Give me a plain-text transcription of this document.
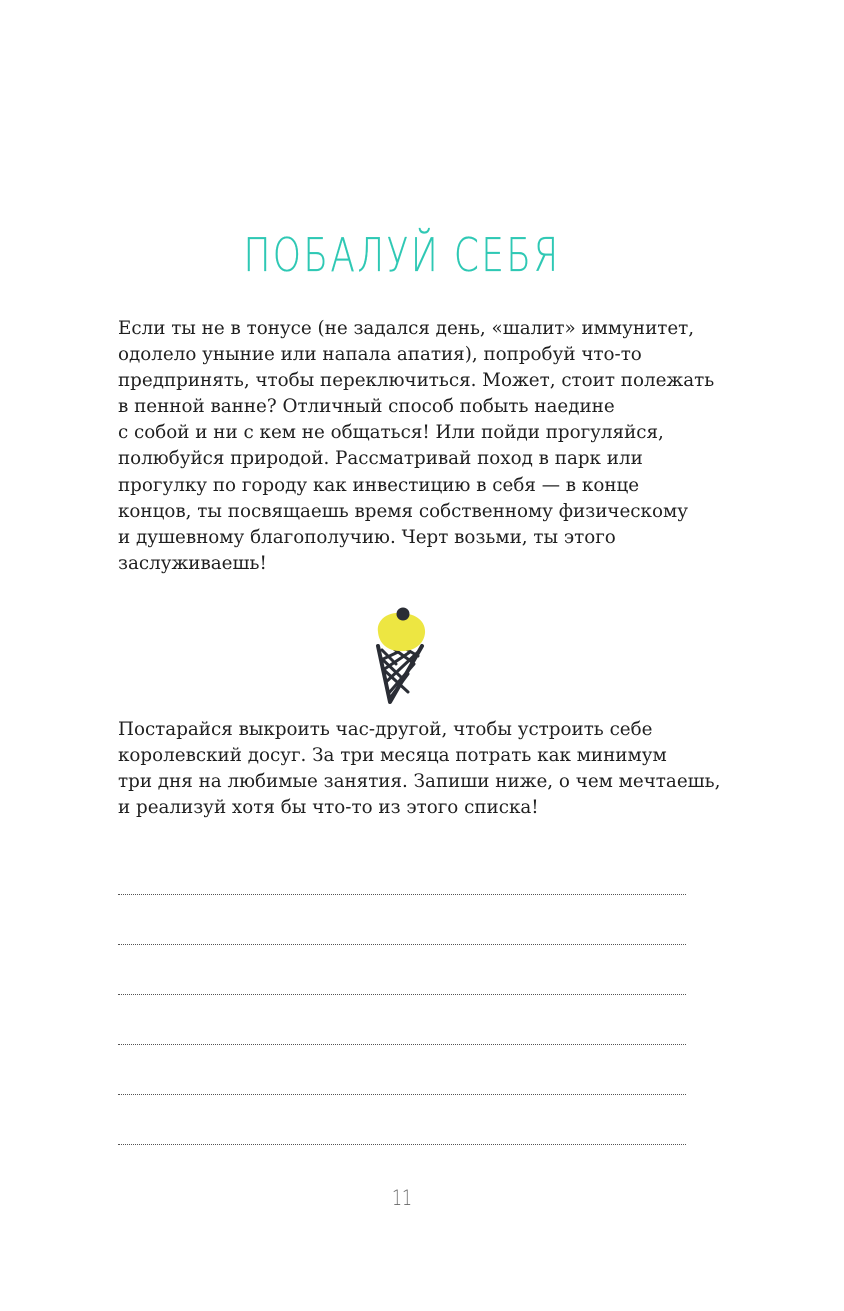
ПОБАЛУЙ СЕБЯ

Если ты не в тонусе (не задался день, «шалит» иммунитет,
одолело уныние или напала апатия), попробуй что-то
предпринять, чтобы переключиться. Может, стоит полежать
в пенной ванне? Отличный способ побыть наедине
с собой и ни с кем не общаться! Или пойди прогуляйся,
полюбуйся природой. Рассматривай поход в парк или
прогулку по городу как инвестицию в себя — в конце
концов, ты посвящаешь время собственному физическому
и душевному благополучию. Черт возьми, ты этого
заслуживаешь!

Постарайся выкроить час-другой, чтобы устроить себе
королевский досуг. За три месяца потрать как минимум
три дня на любимые занятия. Запиши ниже, о чем мечтаешь,
и реализуй хотя бы что-то из этого списка!

11
